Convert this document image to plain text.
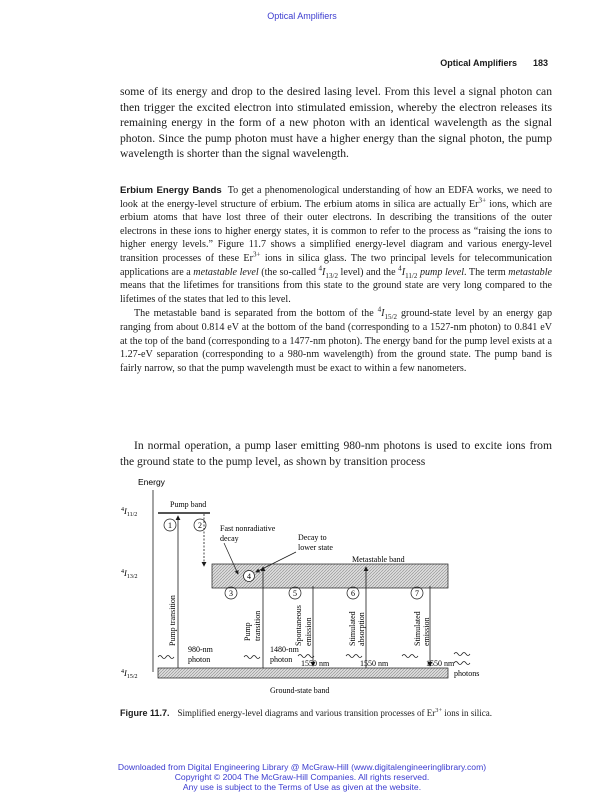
Optical Amplifiers
Optical Amplifiers 183

some of its energy and drop to the desired lasing level. From this level a signal photon can then trigger the excited electron into stimulated emission, whereby the electron releases its remaining energy in the form of a new photon with an identical wavelength as the signal photon. Since the pump photon must have a higher energy than the signal photon, the pump wavelength is shorter than the signal wavelength.

Erbium Energy Bands To get a phenomenological understanding of how an EDFA works, we need to look at the energy-level structure of erbium. The erbium atoms in silica are actually $Er^{3+}$ ions, which are erbium atoms that have lost three of their outer electrons. In describing the transitions of the outer electrons in these ions to higher energy states, it is common to refer to the process as “raising the ions to higher energy levels.” Figure 11.7 shows a simplified energy-level diagram and various energy-level transition processes of these $Er^{3+}$ ions in silica glass. The two principal levels for telecommunication applications are a metastable level (the so-called $^4I_{13/2}$ level) and the $^4I_{11/2}$ pump level. The term metastable means that the lifetimes for transitions from this state to the ground state are very long compared to the lifetimes of the states that led to this level.

The metastable band is separated from the bottom of the $^4I_{15/2}$ ground-state level by an energy gap ranging from about 0.814 eV at the bottom of the band (corresponding to a 1527-nm photon) to 0.841 eV at the top of the band (corresponding to a 1477-nm photon). The energy band for the pump level exists at a 1.27-eV separation (corresponding to a 980-nm wavelength) from the ground state. The pump band is fairly narrow, so that the pump wavelength must be exact to within a few nanometers.

In normal operation, a pump laser emitting 980-nm photons is used to excite ions from the ground state to the pump level, as shown by transition process

Energy
$^4I_{11/2}$
$^4I_{13/2}$
$^4I_{15/2}$
Pump band
Metastable band
Ground-state band
1	2
3
4
5	6	7
Fast nonradiative decay	Decay to lower state
Pump transition	Pump transition	Spontaneous emission	Stimulated absorption	Stimulated emission
980-nm photon
1480-nm photon	1550 nm	1550 nm	1550 nm
photons
Figure 11.7. Simplified energy-level diagrams and various transition processes of $Er^{3+}$ ions in silica.
Downloaded from Digital Engineering Library @ McGraw-Hill (www.digitalengineeringlibrary.com)
Copyright © 2004 The McGraw-Hill Companies. All rights reserved.
Any use is subject to the Terms of Use as given at the website.
